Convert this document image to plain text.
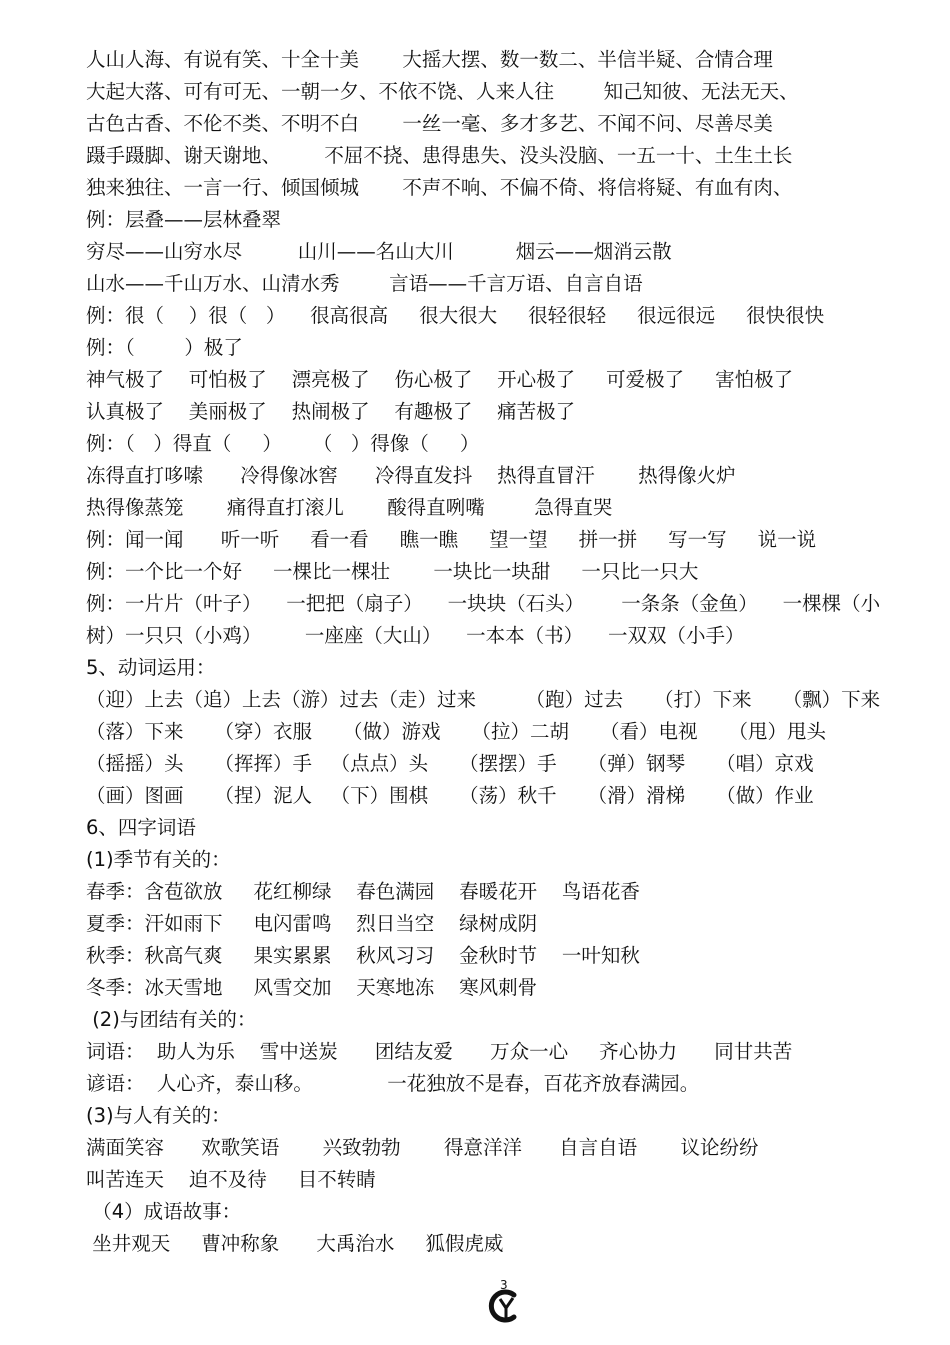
人山人海、有说有笑、十全十美       大摇大摆、数一数二、半信半疑、合情合理
大起大落、可有可无、一朝一夕、不依不饶、人来人往        知己知彼、无法无天、
古色古香、不伦不类、不明不白       一丝一毫、多才多艺、不闻不问、尽善尽美
蹑手蹑脚、谢天谢地、       不屈不挠、患得患失、没头没脑、一五一十、土生土长
独来独往、一言一行、倾国倾城       不声不响、不偏不倚、将信将疑、有血有肉、
例：层叠——层林叠翠
穷尽——山穷水尽         山川——名山大川          烟云——烟消云散
山水——千山万水、山清水秀        言语——千言万语、自言自语
例：很（    ）很（   ）    很高很高     很大很大     很轻很轻     很远很远     很快很快
例：（        ）极了
神气极了    可怕极了    漂亮极了    伤心极了    开心极了     可爱极了     害怕极了
认真极了    美丽极了    热闹极了    有趣极了    痛苦极了
例：（   ）得直（     ）     （   ）得像（     ）
冻得直打哆嗦      冷得像冰窖      冷得直发抖    热得直冒汗       热得像火炉
热得像蒸笼       痛得直打滚儿       酸得直咧嘴        急得直哭
例：闻一闻      听一听     看一看     瞧一瞧     望一望     拼一拼     写一写     说一说
例：一个比一个好     一棵比一棵壮       一块比一块甜     一只比一只大
例：一片片（叶子）    一把把（扇子）    一块块（石头）      一条条（金鱼）    一棵棵（小
树）一只只（小鸡）       一座座（大山）    一本本（书）    一双双（小手）
5、动词运用：
（迎）上去（追）上去（游）过去（走）过来        （跑）过去     （打）下来     （飘）下来
（落）下来     （穿）衣服     （做）游戏     （拉）二胡     （看）电视     （甩）甩头
（摇摇）头     （挥挥）手   （点点）头     （摆摆）手     （弹）钢琴     （唱）京戏
（画）图画     （捏）泥人   （下）围棋     （荡）秋千     （滑）滑梯     （做）作业
6、四字词语
(1)季节有关的：
春季：含苞欲放     花红柳绿    春色满园    春暖花开    鸟语花香
夏季：汗如雨下     电闪雷鸣    烈日当空    绿树成阴
秋季：秋高气爽     果实累累    秋风习习    金秋时节    一叶知秋
冬季：冰天雪地     风雪交加    天寒地冻    寒风刺骨
(2)与团结有关的：
词语：  助人为乐    雪中送炭      团结友爱      万众一心     齐心协力      同甘共苦
谚语：  人心齐，泰山移。            一花独放不是春，百花齐放春满园。
(3)与人有关的：
满面笑容      欢歌笑语       兴致勃勃       得意洋洋      自言自语       议论纷纷
叫苦连天    迫不及待     目不转睛
（4）成语故事：
坐井观天     曹冲称象      大禹治水     狐假虎威
3
